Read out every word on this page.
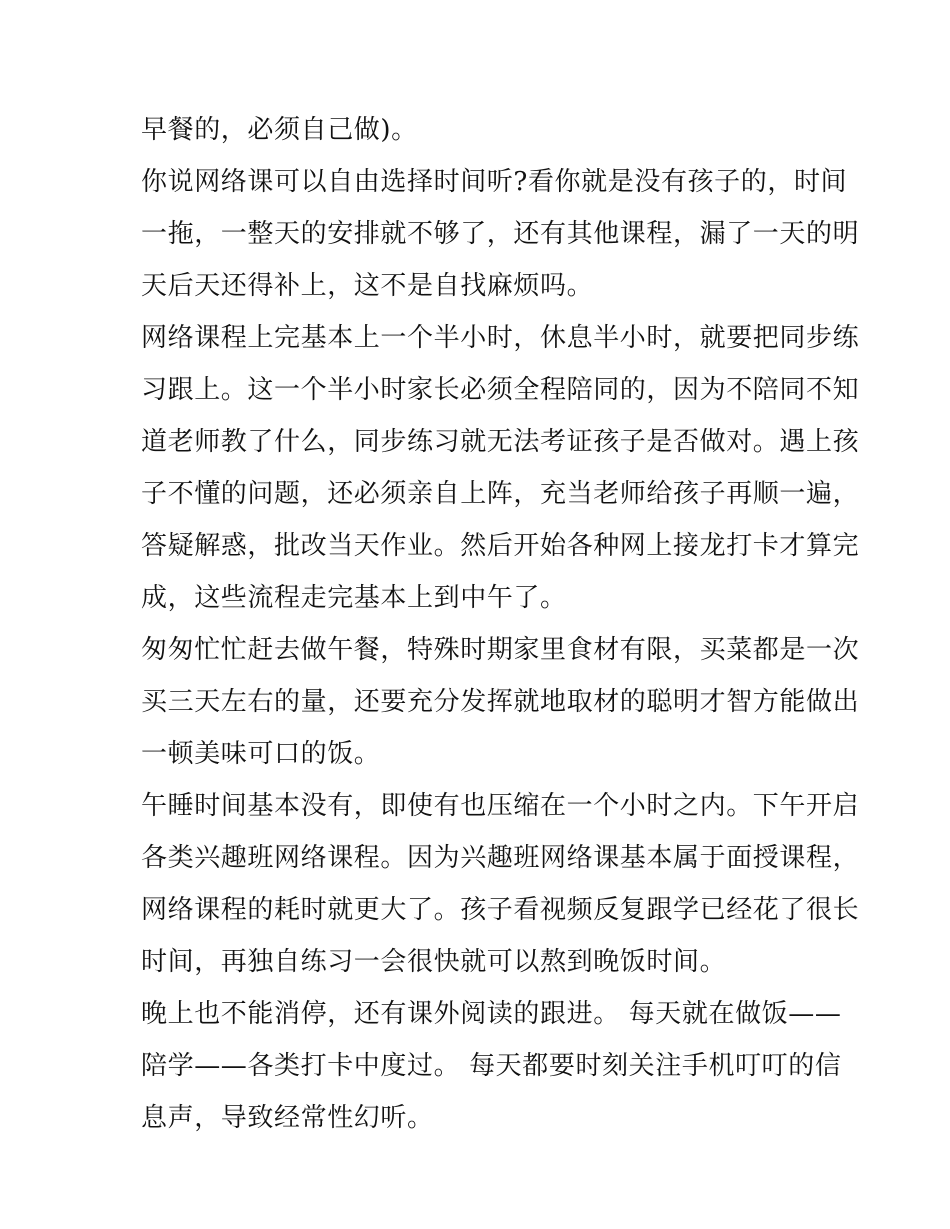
早餐的，必须自己做)。
你说网络课可以自由选择时间听?看你就是没有孩子的，时间
一拖，一整天的安排就不够了，还有其他课程，漏了一天的明
天后天还得补上，这不是自找麻烦吗。
网络课程上完基本上一个半小时，休息半小时，就要把同步练
习跟上。这一个半小时家长必须全程陪同的，因为不陪同不知
道老师教了什么，同步练习就无法考证孩子是否做对。遇上孩
子不懂的问题，还必须亲自上阵，充当老师给孩子再顺一遍，
答疑解惑，批改当天作业。然后开始各种网上接龙打卡才算完
成，这些流程走完基本上到中午了。
匆匆忙忙赶去做午餐，特殊时期家里食材有限，买菜都是一次
买三天左右的量，还要充分发挥就地取材的聪明才智方能做出
一顿美味可口的饭。
午睡时间基本没有，即使有也压缩在一个小时之内。下午开启
各类兴趣班网络课程。因为兴趣班网络课基本属于面授课程，
网络课程的耗时就更大了。孩子看视频反复跟学已经花了很长
时间，再独自练习一会很快就可以熬到晚饭时间。
晚上也不能消停，还有课外阅读的跟进。 每天就在做饭——
陪学——各类打卡中度过。 每天都要时刻关注手机叮叮的信
息声，导致经常性幻听。
